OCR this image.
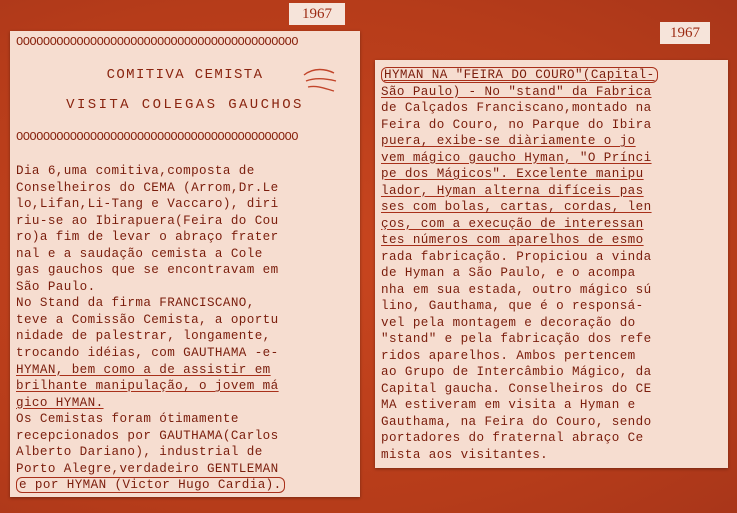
1967
1967
OOOOOOOOOOOOOOOOOOOOOOOOOOOOOOOOOOOOOOOOOO
COMITIVA CEMISTA
VISITA COLEGAS GAUCHOS
OOOOOOOOOOOOOOOOOOOOOOOOOOOOOOOOOOOOOOOOOO
Dia 6,uma comitiva,composta de
Conselheiros do CEMA (Arrom,Dr.Le
lo,Lifan,Li-Tang e Vaccaro), diri
riu-se ao Ibirapuera(Feira do Cou
ro)a fim de levar o abraço frater
nal e a saudação cemista a Cole
gas gauchos que se encontravam em
São Paulo.
No Stand da firma FRANCISCANO,
teve a Comissão Cemista, a oportu
nidade de palestrar, longamente,
trocando idéias, com GAUTHAMA -e-
HYMAN, bem como a de assistir em
brilhante manipulação, o jovem má
gico HYMAN.
Os Cemistas foram ótimamente
recepcionados por GAUTHAMA(Carlos
Alberto Dariano), industrial de
Porto Alegre,verdadeiro GENTLEMAN
e por HYMAN (Victor Hugo Cardia).
HYMAN NA "FEIRA DO COURO"(Capital-
São Paulo) - No "stand" da Fabrica
de Calçados Franciscano,montado na
Feira do Couro, no Parque do Ibira
puera, exibe-se diàriamente o jo
vem mágico gaucho Hyman, "O Prínci
pe dos Mágicos". Excelente manipu
lador, Hyman alterna difíceis pas
ses com bolas, cartas, cordas, len
ços, com a execução de interessan
tes números com aparelhos de esmo
rada fabricação. Propiciou a vinda
de Hyman a São Paulo, e o acompa
nha em sua estada, outro mágico sú
lino, Gauthama, que é o responsá-
vel pela montagem e decoração do
"stand" e pela fabricação dos refe
ridos aparelhos. Ambos pertencem
ao Grupo de Intercâmbio Mágico, da
Capital gaucha. Conselheiros do CE
MA estiveram em visita a Hyman e
Gauthama, na Feira do Couro, sendo
portadores do fraternal abraço Ce
mista aos visitantes.
